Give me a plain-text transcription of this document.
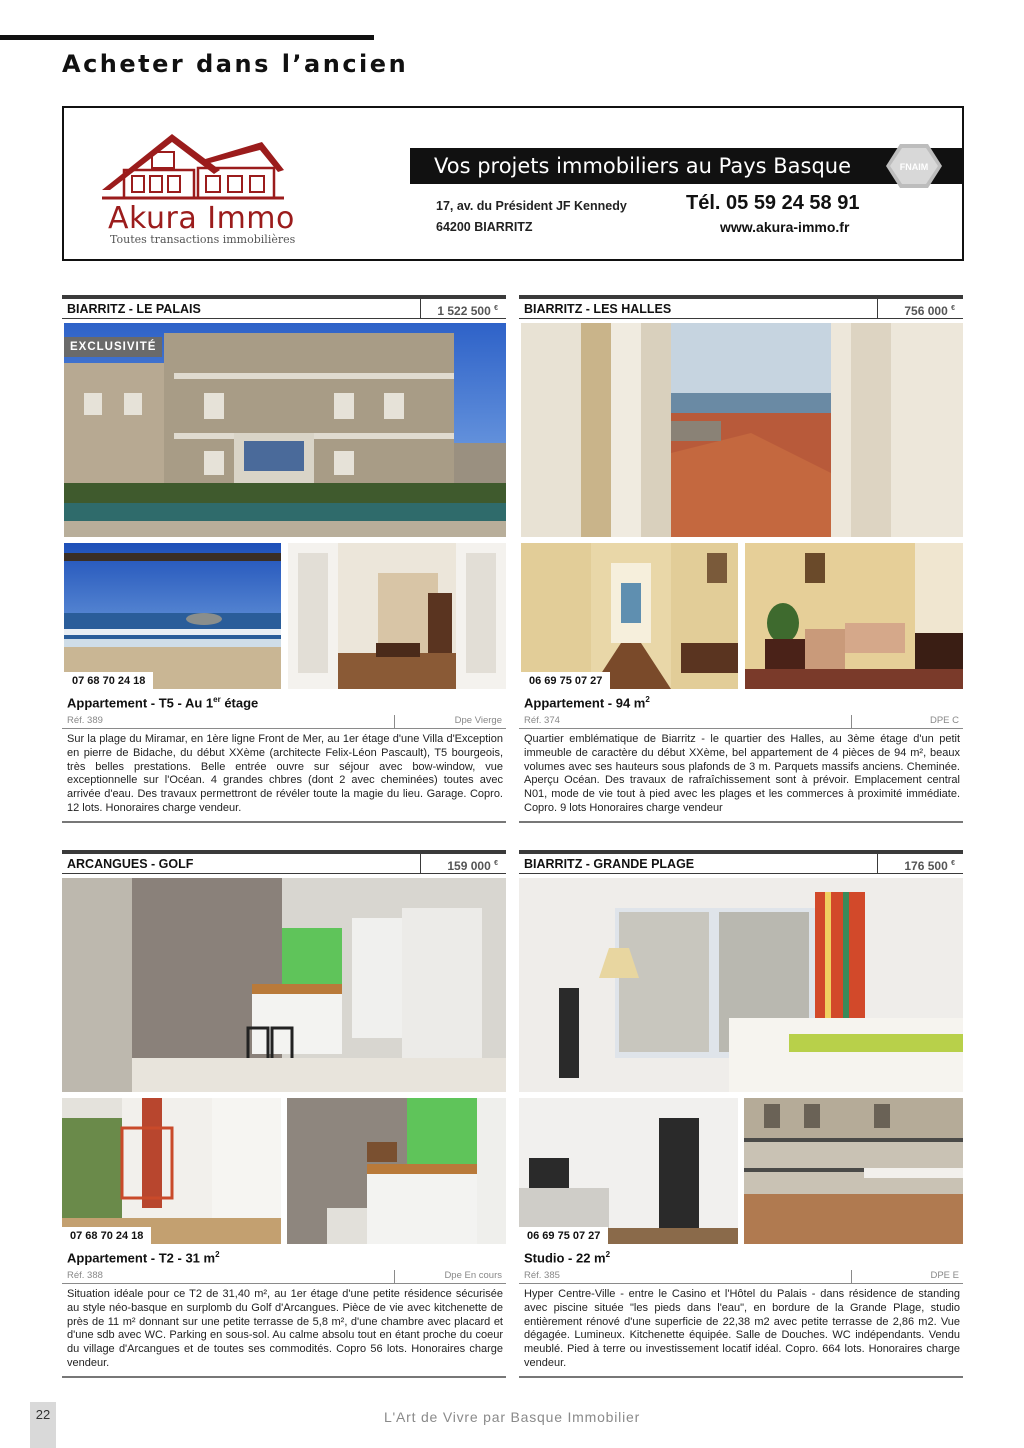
Acheter dans l’ancien
Akura Immo
Toutes transactions immobilières
Vos projets immobiliers au Pays Basque	FNAIM
17, av. du Président JF Kennedy
64200 BIARRITZ
Tél. 05 59 24 58 91
www.akura-immo.fr
BIARRITZ - LE PALAIS	1 522 500 €
EXCLUSIVITÉ
07 68 70 24 18
Appartement - T5 - Au 1er étage
Réf. 389	Dpe Vierge
Sur la plage du Miramar, en 1ère ligne Front de Mer, au 1er étage d'une Villa d'Exception en pierre de Bidache, du début XXème (architecte Felix-Léon Pascault), T5 bourgeois, très belles prestations. Belle entrée ouvre sur séjour avec bow-window, vue exceptionnelle sur l'Océan. 4 grandes chbres (dont 2 avec cheminées) toutes avec arrivée d'eau. Des travaux permettront de révéler toute la magie du lieu. Garage. Copro. 12 lots. Honoraires charge vendeur.
BIARRITZ - LES HALLES	756 000 €
06 69 75 07 27
Appartement - 94 $m^2$
Réf. 374	DPE C
Quartier emblématique de Biarritz - le quartier des Halles, au 3ème étage d'un petit immeuble de caractère du début XXème, bel appartement de 4 pièces de 94 m², beaux volumes avec ses hauteurs sous plafonds de 3 m. Parquets massifs anciens. Cheminée. Aperçu Océan. Des travaux de rafraîchissement sont à prévoir. Emplacement central N01, mode de vie tout à pied avec les plages et les commerces à proximité immédiate. Copro. 9 lots Honoraires charge vendeur
ARCANGUES - GOLF	159 000 €
07 68 70 24 18
Appartement - T2 - 31 $m^2$
Réf. 388	Dpe En cours
Situation idéale pour ce T2 de 31,40 m², au 1er étage d'une petite résidence sécurisée au style néo-basque en surplomb du Golf d'Arcangues. Pièce de vie avec kitchenette de près de 11 m² donnant sur une petite terrasse de 5,8 m², d'une chambre avec placard et d'une sdb avec WC. Parking en sous-sol. Au calme absolu tout en étant proche du coeur du village d'Arcangues et de toutes ses commodités. Copro 56 lots. Honoraires charge vendeur.
BIARRITZ - GRANDE PLAGE	176 500 €
06 69 75 07 27
Studio - 22 $m^2$
Réf. 385	DPE E
Hyper Centre-Ville - entre le Casino et l'Hôtel du Palais - dans résidence de standing avec piscine située "les pieds dans l'eau", en bordure de la Grande Plage, studio entièrement rénové d'une superficie de 22,38 m2 avec petite terrasse de 2,86 m2. Vue dégagée. Lumineux. Kitchenette équipée. Salle de Douches. WC indépendants. Vendu meublé. Pied à terre ou investissement locatif idéal. Copro. 664 lots. Honoraires charge vendeur.
22	L'Art de Vivre par Basque Immobilier
